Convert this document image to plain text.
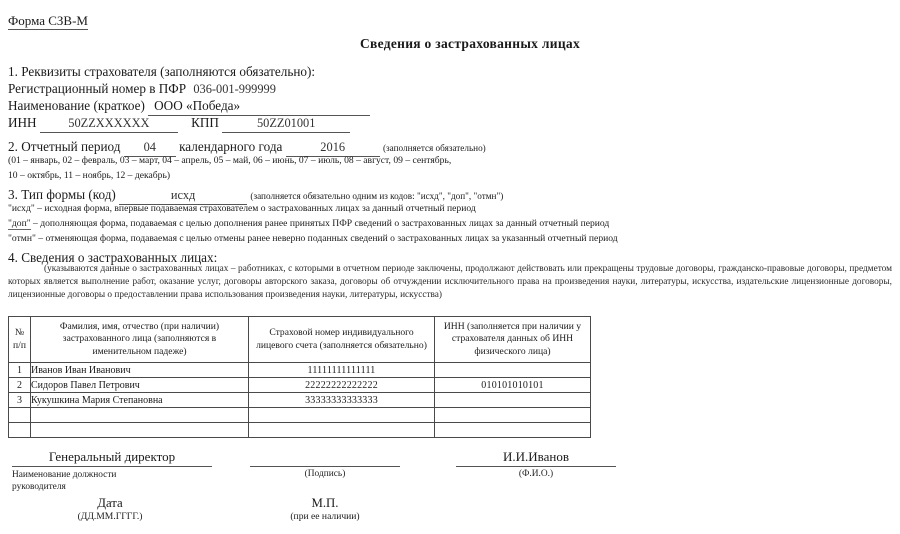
Форма СЗВ-М
Сведения о застрахованных лицах
1. Реквизиты страхователя (заполняются обязательно):
Регистрационный номер в ПФР 036-001-999999
Наименование (краткое) ООО «Победа»
ИНН	50ZZXXXXXX	КПП	50ZZ01001
2. Отчетный период 04 календарного года	2016	(заполняется обязательно)
(01 – январь, 02 – февраль, 03 – март, 04 – апрель, 05 – май, 06 – июнь, 07 – июль, 08 – август, 09 – сентябрь,
10 – октябрь, 11 – ноябрь, 12 – декабрь)
3. Тип формы (код)	исхд	(заполняется обязательно одним из кодов: "исхд", "доп", "отмн")
"исхд" – исходная форма, впервые подаваемая страхователем о застрахованных лицах за данный отчетный период
"доп" – дополняющая форма, подаваемая с целью дополнения ранее принятых ПФР сведений о застрахованных лицах за данный отчетный период
"отмн" – отменяющая форма, подаваемая с целью отмены ранее неверно поданных сведений о застрахованных лицах за указанный отчетный период
4. Сведения о застрахованных лицах:
(указываются данные о застрахованных лицах – работниках, с которыми в отчетном периоде заключены, продолжают действовать или прекращены трудовые договоры, гражданско-правовые договоры, предметом которых является выполнение работ, оказание услуг, договоры авторского заказа, договоры об отчуждении исключительного права на произведения науки, литературы, искусства, издательские лицензионные договоры, лицензионные договоры о предоставлении права использования произведения науки, литературы, искусства)
№
п/п	Фамилия, имя, отчество (при наличии) застрахованного лица (заполняются в именительном падеже)	Страховой номер индивидуального лицевого счета (заполняется обязательно)	ИНН (заполняется при наличии у страхователя данных об ИНН физического лица)
1	Иванов Иван Иванович	11111111111111	
2	Сидоров Павел Петрович	22222222222222	010101010101
3	Кукушкина Мария Степановна	33333333333333	

Генеральный директор
Наименование должности
руководителя

(Подпись)
И.И.Иванов
(Ф.И.О.)
Дата
(ДД.ММ.ГГГГ.)
М.П.
(при ее наличии)
